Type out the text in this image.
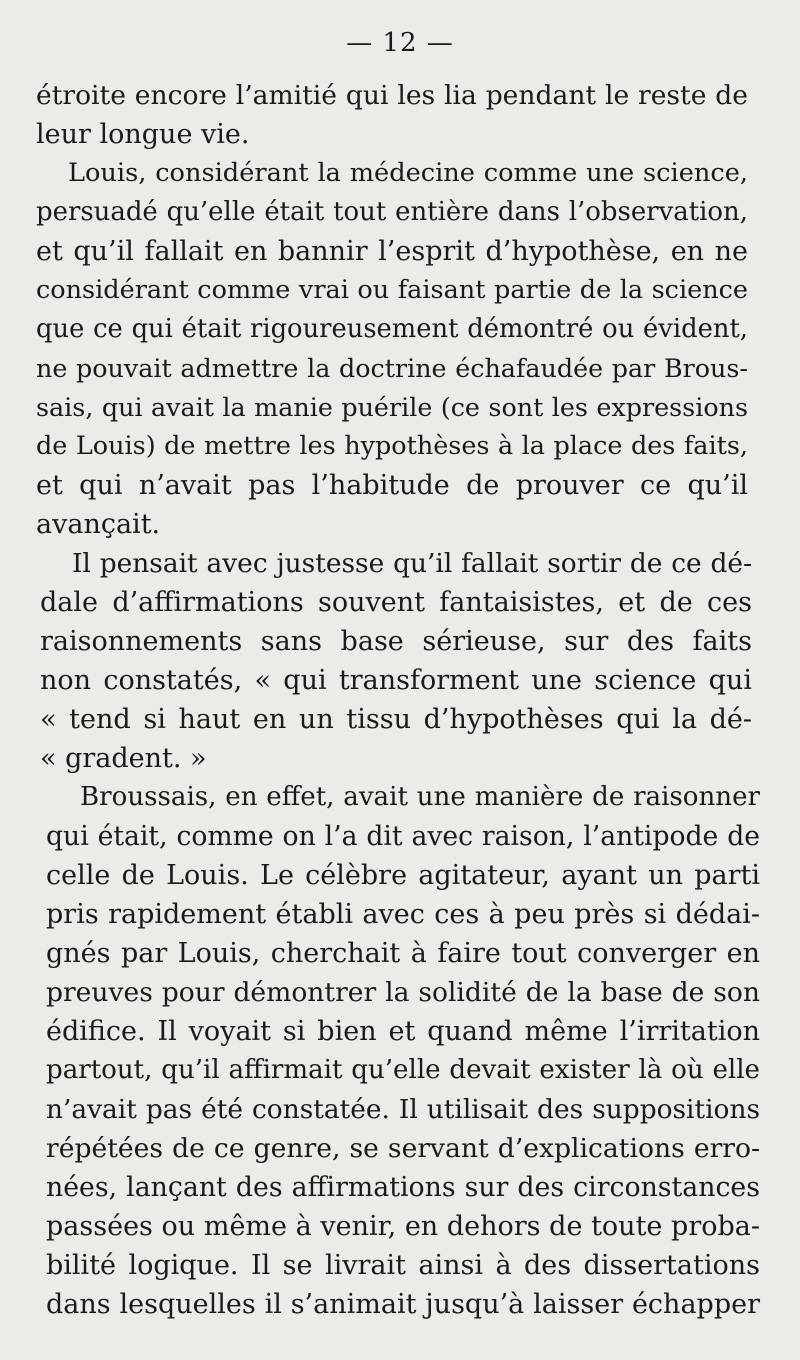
— 12 —
étroite encore l’amitié qui les lia pendant le reste de
leur longue vie.
Louis, considérant la médecine comme une science,
persuadé qu’elle était tout entière dans l’observation,
et qu’il fallait en bannir l’esprit d’hypothèse, en ne
considérant comme vrai ou faisant partie de la science
que ce qui était rigoureusement démontré ou évident,
ne pouvait admettre la doctrine échafaudée par Brous-
sais, qui avait la manie puérile (ce sont les expressions
de Louis) de mettre les hypothèses à la place des faits,
et qui n’avait pas l’habitude de prouver ce qu’il
avançait.
Il pensait avec justesse qu’il fallait sortir de ce dé-
dale d’affirmations souvent fantaisistes, et de ces
raisonnements sans base sérieuse, sur des faits
non constatés, « qui transforment une science qui
« tend si haut en un tissu d’hypothèses qui la dé-
« gradent. »
Broussais, en effet, avait une manière de raisonner
qui était, comme on l’a dit avec raison, l’antipode de
celle de Louis. Le célèbre agitateur, ayant un parti
pris rapidement établi avec ces à peu près si dédai-
gnés par Louis, cherchait à faire tout converger en
preuves pour démontrer la solidité de la base de son
édifice. Il voyait si bien et quand même l’irritation
partout, qu’il affirmait qu’elle devait exister là où elle
n’avait pas été constatée. Il utilisait des suppositions
répétées de ce genre, se servant d’explications erro-
nées, lançant des affirmations sur des circonstances
passées ou même à venir, en dehors de toute proba-
bilité logique. Il se livrait ainsi à des dissertations
dans lesquelles il s’animait jusqu’à laisser échapper
